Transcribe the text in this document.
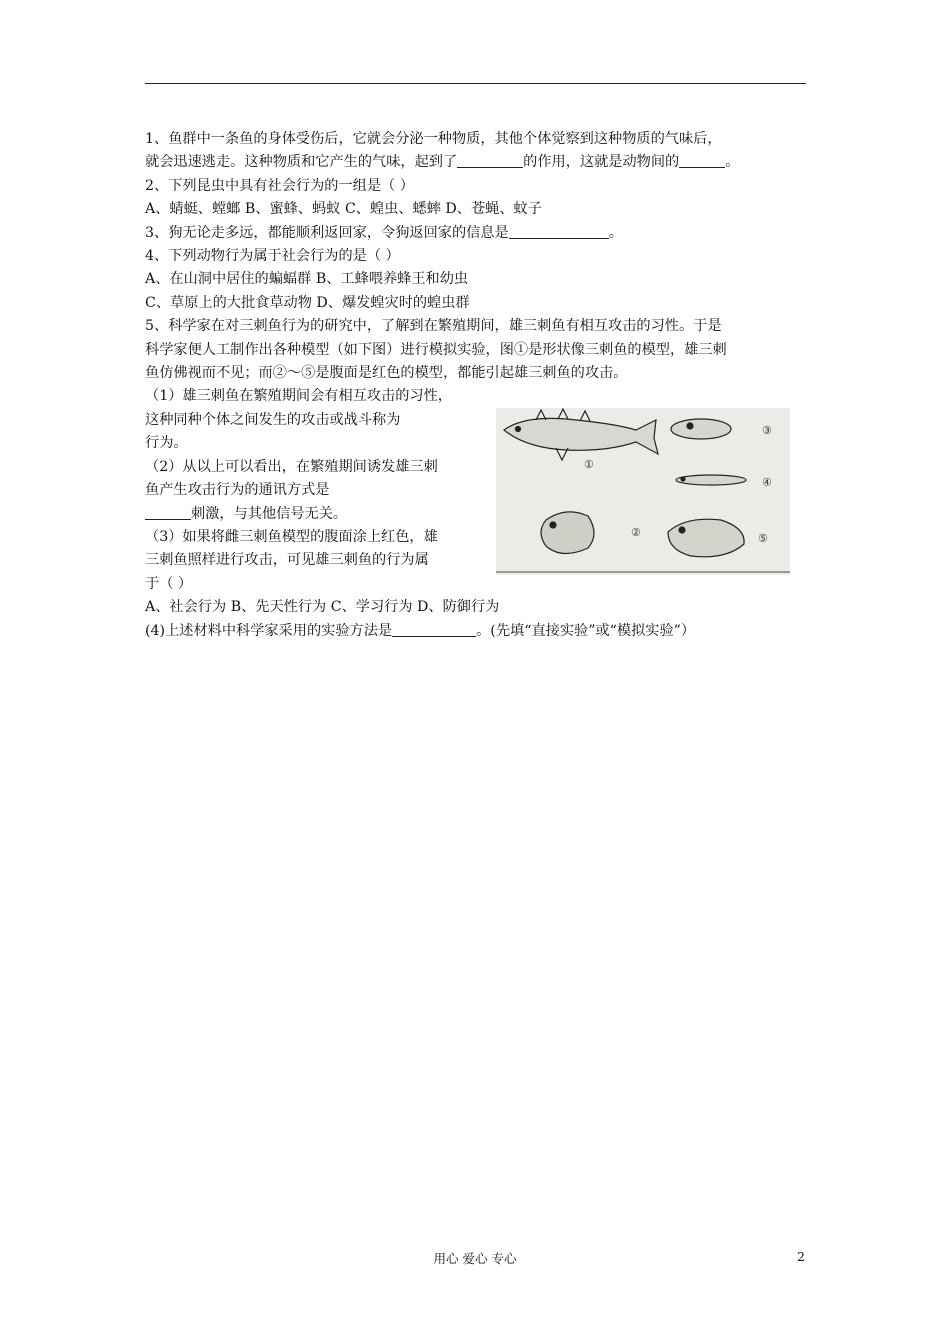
1、鱼群中一条鱼的身体受伤后，它就会分泌一种物质，其他个体觉察到这种物质的气味后，
就会迅速逃走。这种物质和它产生的气味，起到了	的作用，这就是动物间的	。
2、下列昆虫中具有社会行为的一组是（ ）
A、蜻蜓、螳螂 B、蜜蜂、蚂蚁 C、蝗虫、蟋蟀 D、苍蝇、蚊子
3、狗无论走多远，都能顺利返回家，令狗返回家的信息是	。
4、下列动物行为属于社会行为的是（ ）
A、在山洞中居住的蝙蝠群 B、工蜂喂养蜂王和幼虫
C、草原上的大批食草动物 D、爆发蝗灾时的蝗虫群
5、科学家在对三刺鱼行为的研究中，了解到在繁殖期间，雄三刺鱼有相互攻击的习性。于是
科学家便人工制作出各种模型（如下图）进行模拟实验，图①是形状像三刺鱼的模型，雄三刺
鱼仿佛视而不见；而②～⑤是腹面是红色的模型，都能引起雄三刺鱼的攻击。
（1）雄三刺鱼在繁殖期间会有相互攻击的习性，
这种同种个体之间发生的攻击或战斗称为
行为。
（2）从以上可以看出，在繁殖期间诱发雄三刺
鱼产生攻击行为的通讯方式是
刺激，与其他信号无关。
（3）如果将雌三刺鱼模型的腹面涂上红色，雄
三刺鱼照样进行攻击，可见雄三刺鱼的行为属
于（ ）
A、社会行为 B、先天性行为 C、学习行为 D、防御行为
(4)上述材料中科学家采用的实验方法是	。(先填“直接实验”或“模拟实验”）
①
③
④
②	⑤
用心 爱心 专心	2
